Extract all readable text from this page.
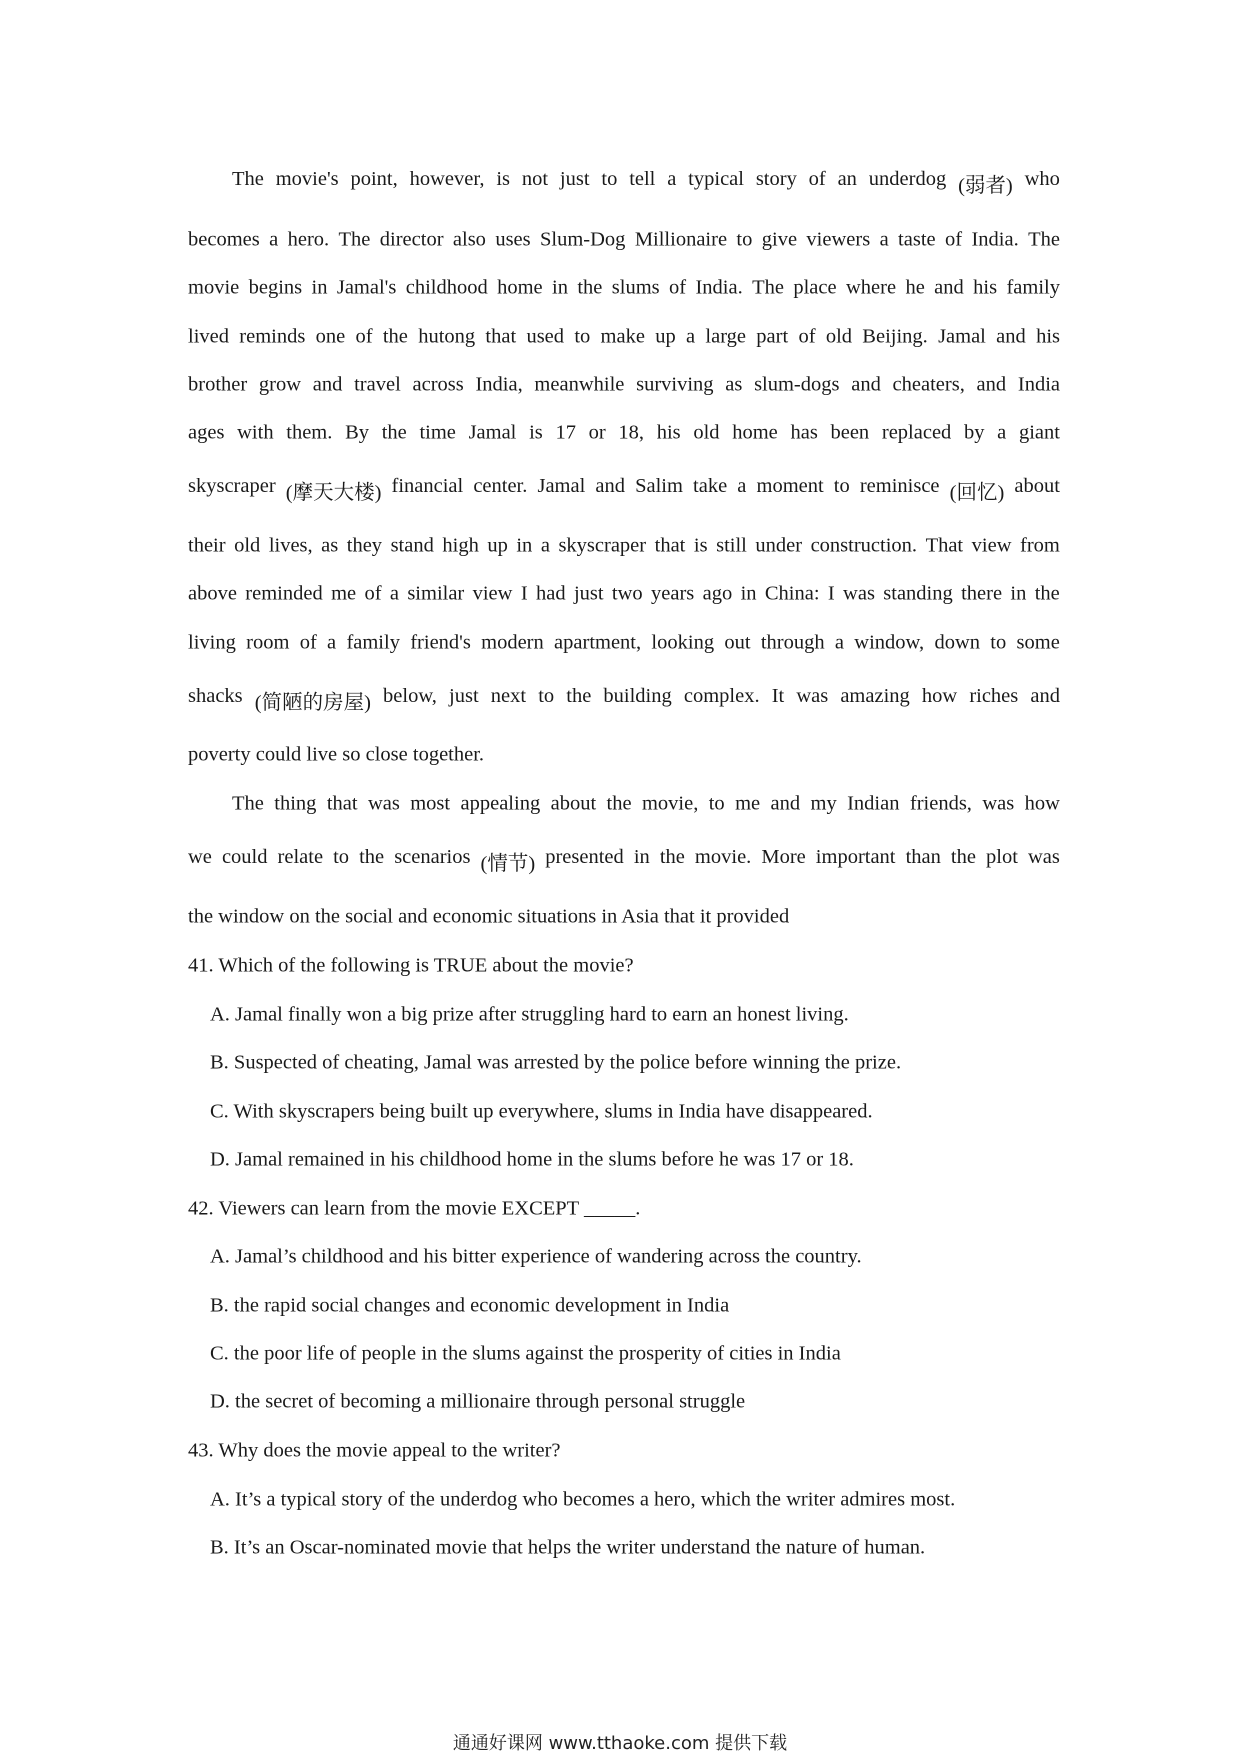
The movie's point, however, is not just to tell a typical story of an underdog (弱者) who
becomes a hero. The director also uses Slum-Dog Millionaire to give viewers a taste of India. The
movie begins in Jamal's childhood home in the slums of India. The place where he and his family
lived reminds one of the hutong that used to make up a large part of old Beijing. Jamal and his
brother grow and travel across India, meanwhile surviving as slum-dogs and cheaters, and India
ages with them. By the time Jamal is 17 or 18, his old home has been replaced by a giant
skyscraper (摩天大楼) financial center. Jamal and Salim take a moment to reminisce (回忆) about
their old lives, as they stand high up in a skyscraper that is still under construction. That view from
above reminded me of a similar view I had just two years ago in China: I was standing there in the
living room of a family friend's modern apartment, looking out through a window, down to some
shacks (简陋的房屋) below, just next to the building complex. It was amazing how riches and
poverty could live so close together.
The thing that was most appealing about the movie, to me and my Indian friends, was how
we could relate to the scenarios (情节) presented in the movie. More important than the plot was
the window on the social and economic situations in Asia that it provided
41. Which of the following is TRUE about the movie?
A. Jamal finally won a big prize after struggling hard to earn an honest living.
B. Suspected of cheating, Jamal was arrested by the police before winning the prize.
C. With skyscrapers being built up everywhere, slums in India have disappeared.
D. Jamal remained in his childhood home in the slums before he was 17 or 18.
42. Viewers can learn from the movie EXCEPT _____.
A. Jamal’s childhood and his bitter experience of wandering across the country.
B. the rapid social changes and economic development in India
C. the poor life of people in the slums against the prosperity of cities in India
D. the secret of becoming a millionaire through personal struggle
43. Why does the movie appeal to the writer?
A. It’s a typical story of the underdog who becomes a hero, which the writer admires most.
B. It’s an Oscar-nominated movie that helps the writer understand the nature of human.
通通好课网 www.tthaoke.com 提供下载
